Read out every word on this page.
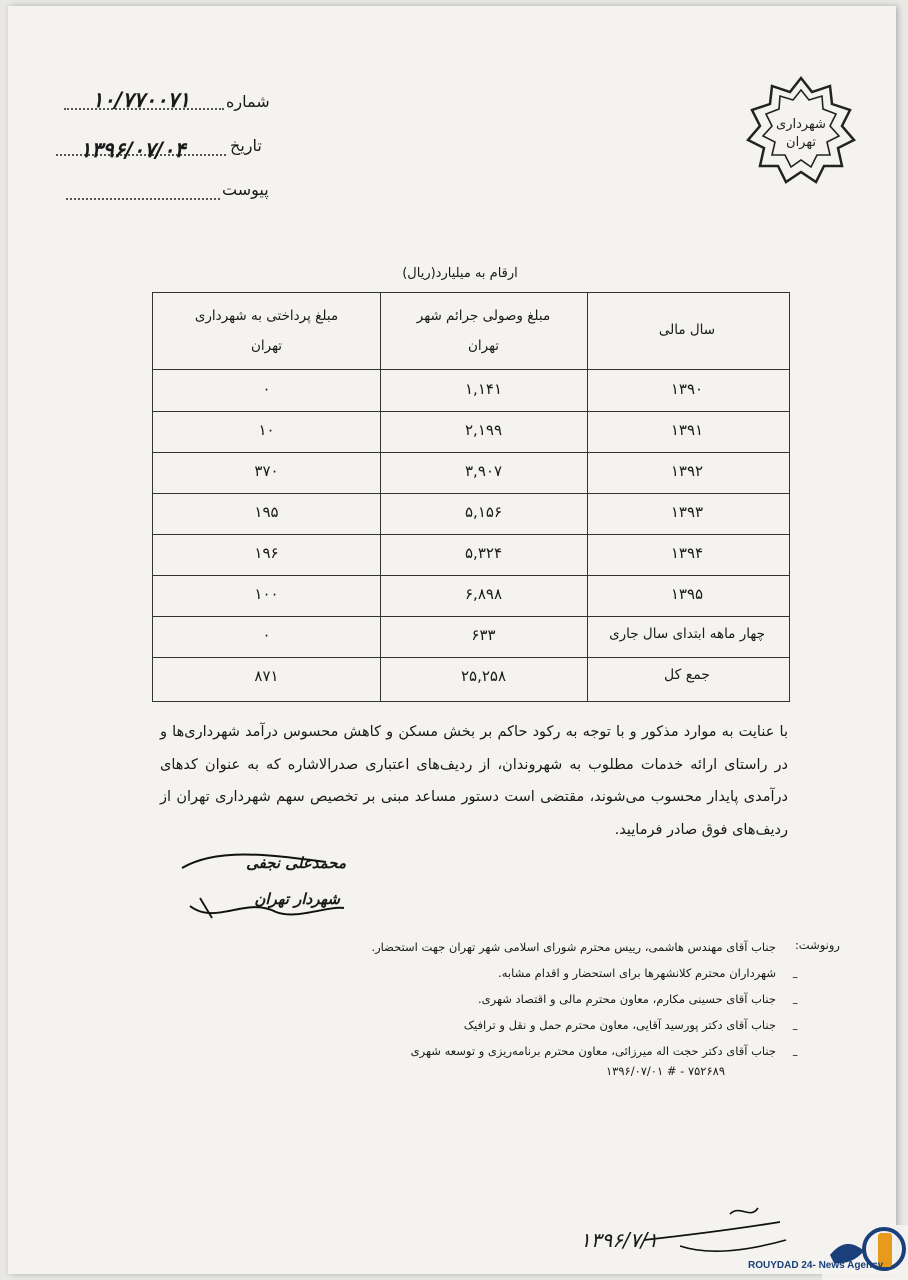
شماره
۱۰/۷۷۰۰۷۱
تاریخ
۱۳۹۶/۰۷/۰۴
پیوست
شهرداری
تهران
ارقام به میلیارد(ریال)
سال مالی
مبلغ وصولی جرائم شهر
تهران
مبلغ پرداختی به شهرداری
تهران
۱۳۹۰
۱,۱۴۱
۰
۱۳۹۱
۲,۱۹۹
۱۰
۱۳۹۲
۳,۹۰۷
۳۷۰
۱۳۹۳
۵,۱۵۶
۱۹۵
۱۳۹۴
۵,۳۲۴
۱۹۶
۱۳۹۵
۶,۸۹۸
۱۰۰
چهار ماهه ابتدای سال جاری
۶۳۳
۰
جمع کل
۲۵,۲۵۸
۸۷۱
با عنایت به موارد مذکور و با توجه به رکود حاکم بر بخش مسکن و کاهش محسوس درآمد شهرداری‌ها و در راستای ارائه خدمات مطلوب به شهروندان، از ردیف‌های اعتباری صدرالاشاره که به عنوان کدهای درآمدی پایدار محسوب می‌شوند، مقتضی است دستور مساعد مبنی بر تخصیص سهم شهرداری تهران از ردیف‌های فوق صادر فرمایید.
محمدعلی نجفی
شهردار تهران
رونوشت:
جناب آقای مهندس هاشمی، رییس محترم شورای اسلامی شهر تهران جهت استحضار.
–
شهرداران محترم کلانشهرها برای استحضار و اقدام مشابه.
–
جناب آقای حسینی مکارم، معاون محترم مالی و اقتصاد شهری.
–
جناب آقای دکتر پورسید آقایی، معاون محترم حمل و نقل و ترافیک
–
جناب آقای دکتر حجت اله میرزائی، معاون محترم برنامه‌ریزی و توسعه شهری
۷۵۲۶۸۹ - # ۱۳۹۶/۰۷/۰۱
۱۳۹۶/۷/۱
ROUYDAD 24- News Agency
